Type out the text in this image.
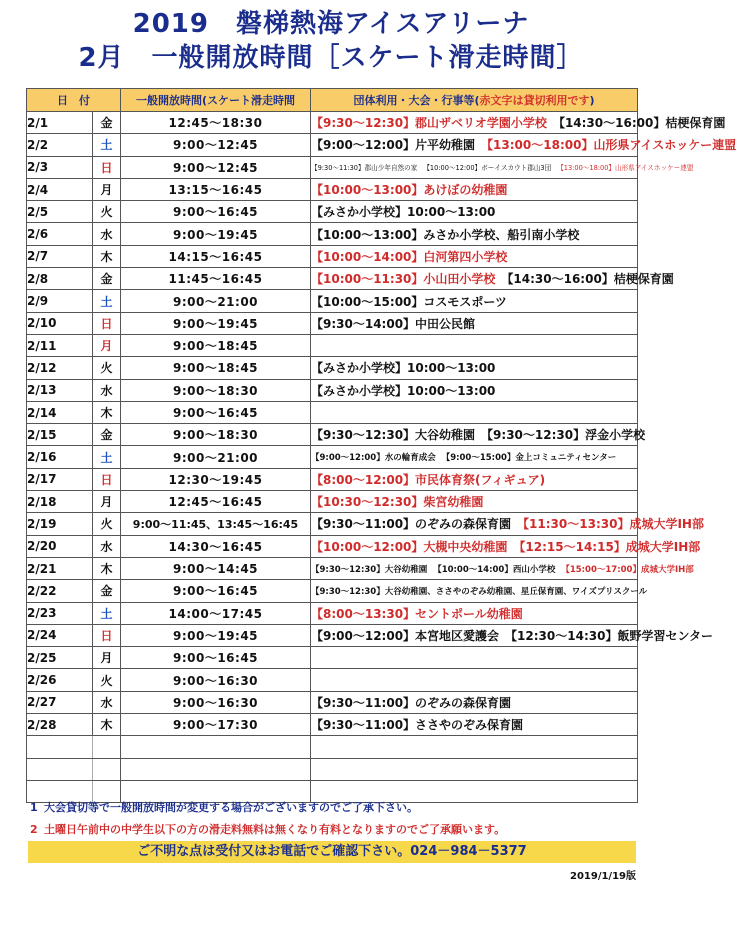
2019　磐梯熱海アイスアリーナ
2月　一般開放時間［スケート滑走時間］
日　付		一般開放時間(スケート滑走時間	団体利用・大会・行事等(赤文字は貸切利用です)
2/1	金	12:45～18:30	【9:30～12:30】郡山ザベリオ学園小学校 【14:30～16:00】桔梗保育園
2/2	土	9:00～12:45	【9:00～12:00】片平幼稚園 【13:00～18:00】山形県アイスホッケー連盟
2/3	日	9:00～12:45	【9:30～11:30】郡山少年自然の家 【10:00～12:00】ボーイスカウト郡山3団 【13:00～18:00】山形県アイスホッケー連盟
2/4	月	13:15～16:45	【10:00～13:00】あけぼの幼稚園
2/5	火	9:00～16:45	【みさか小学校】10:00～13:00
2/6	水	9:00～19:45	【10:00～13:00】みさか小学校、船引南小学校
2/7	木	14:15～16:45	【10:00～14:00】白河第四小学校
2/8	金	11:45～16:45	【10:00～11:30】小山田小学校 【14:30～16:00】桔梗保育園
2/9	土	9:00～21:00	【10:00～15:00】コスモスポーツ
2/10	日	9:00～19:45	【9:30～14:00】中田公民館
2/11	月	9:00～18:45	
2/12	火	9:00～18:45	【みさか小学校】10:00～13:00
2/13	水	9:00～18:30	【みさか小学校】10:00～13:00
2/14	木	9:00～16:45	
2/15	金	9:00～18:30	【9:30～12:30】大谷幼稚園 【9:30～12:30】浮金小学校
2/16	土	9:00～21:00	【9:00～12:00】水の輪育成会 【9:00～15:00】金上コミュニティセンター
2/17	日	12:30～19:45	【8:00～12:00】市民体育祭(フィギュア)
2/18	月	12:45～16:45	【10:30～12:30】柴宮幼稚園
2/19	火	9:00～11:45、13:45～16:45	【9:30～11:00】のぞみの森保育園 【11:30～13:30】成城大学IH部
2/20	水	14:30～16:45	【10:00～12:00】大槻中央幼稚園 【12:15～14:15】成城大学IH部
2/21	木	9:00～14:45	【9:30～12:30】大谷幼稚園 【10:00～14:00】西山小学校 【15:00～17:00】成城大学IH部
2/22	金	9:00～16:45	【9:30～12:30】大谷幼稚園、ささやのぞみ幼稚園、星丘保育園、ワイズプリスクール
2/23	土	14:00～17:45	【8:00～13:30】セントポール幼稚園
2/24	日	9:00～19:45	【9:00～12:00】本宮地区愛護会 【12:30～14:30】飯野学習センター
2/25	月	9:00～16:45	
2/26	火	9:00～16:30	
2/27	水	9:00～16:30	【9:30～11:00】のぞみの森保育園
2/28	木	9:00～17:30	【9:30～11:00】ささやのぞみ保育園

1 大会貸切等で一般開放時間が変更する場合がございますのでご了承下さい。
2 土曜日午前中の中学生以下の方の滑走料無料は無くなり有料となりますのでご了承願います。
ご不明な点は受付又はお電話でご確認下さい。024－984－5377
2019/1/19版
